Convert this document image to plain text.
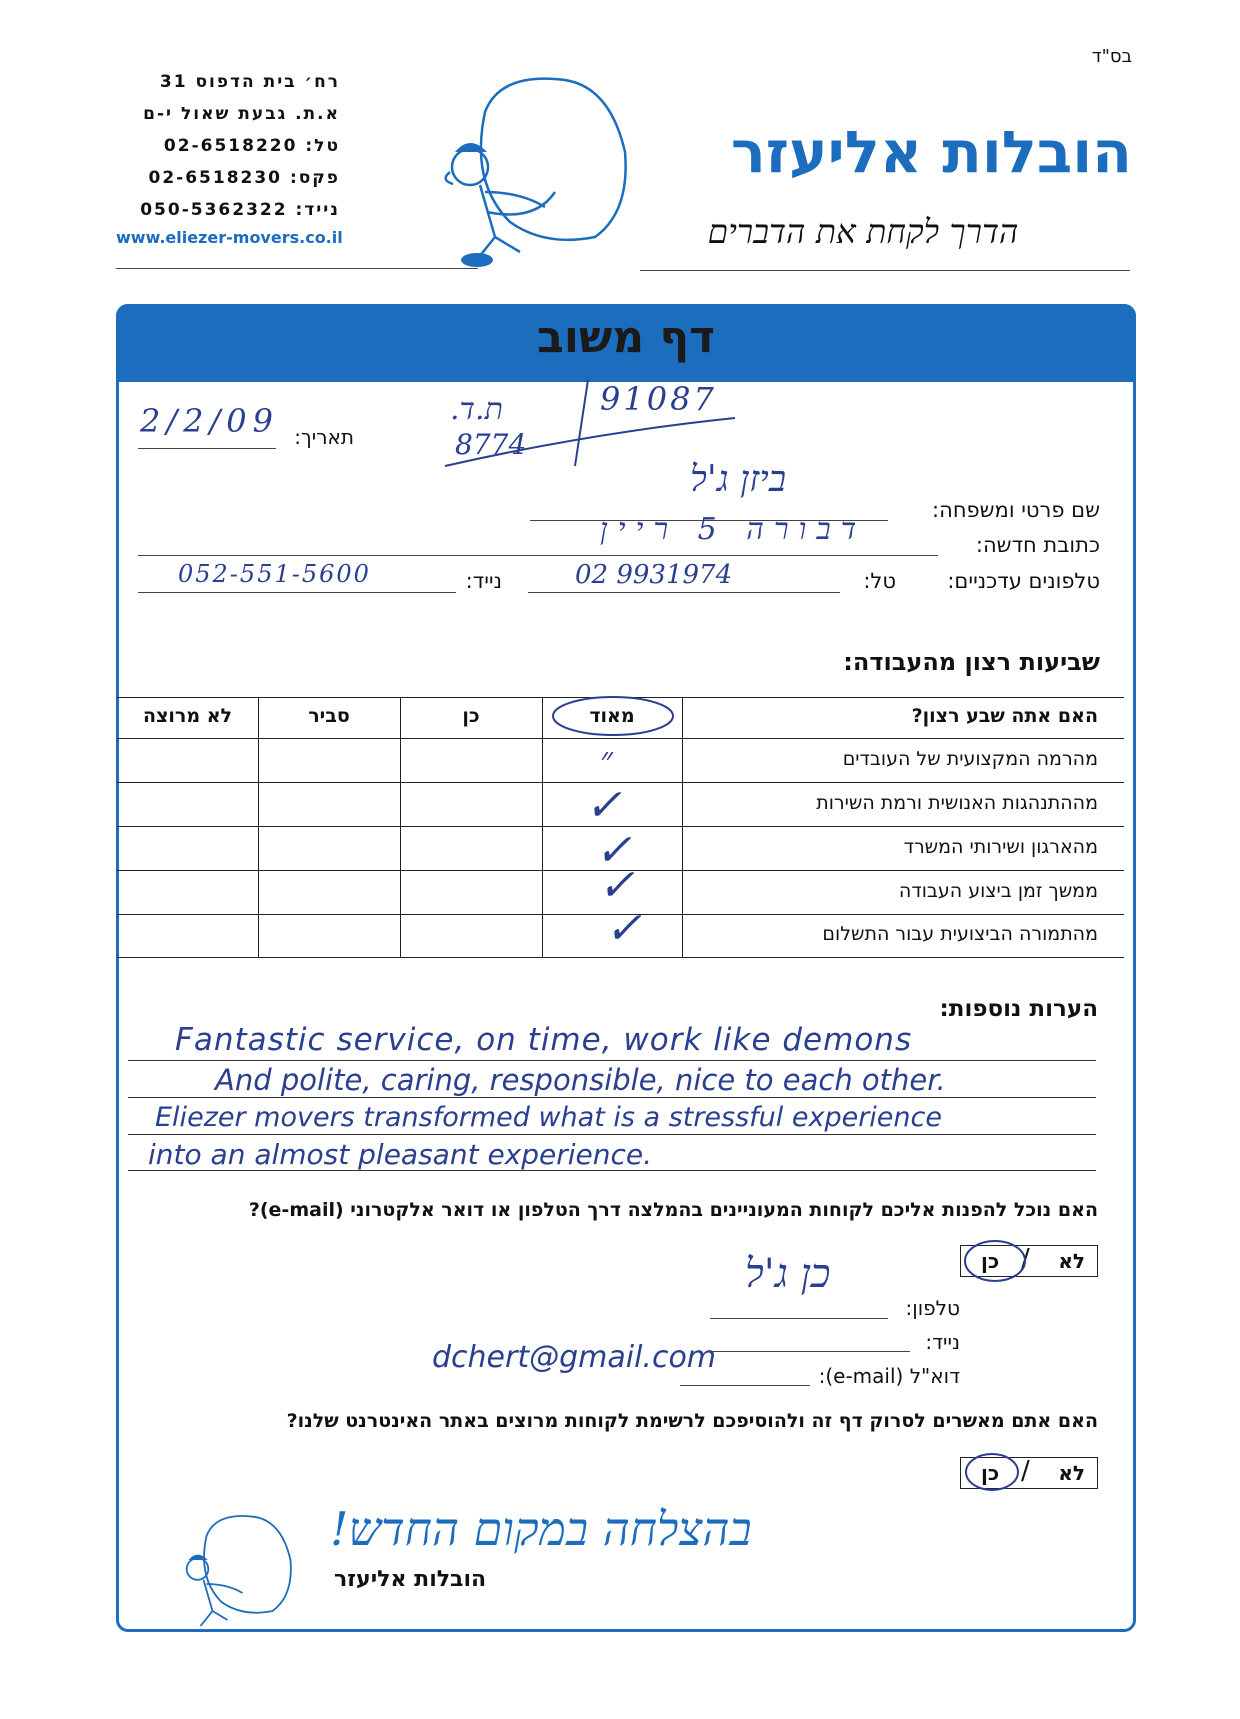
בס"ד
רח׳ בית הדפוס 31
א.ת. גבעת שאול י-ם
טל: 02-6518220
פקס: 02-6518230
נייד: 050-5362322
www.eliezer-movers.co.il
הובלות אליעזר
הדרך לקחת את הדברים
דף משוב
תאריך:
2/2/09	.ת.ד
8774
91087
ביזן ג'ל
שם פרטי ומשפחה:
דבורה 5 ריין	כתובת חדשה:
טלפונים עדכניים:
טל:
02 9931974
נייד:
052-551-5600
שביעות רצון מהעבודה:
האם אתה שבע רצון?
מאוד
כן
סביר
לא מרוצה
מהרמה המקצועית של העובדים
מההתנהגות האנושית ורמת השירות
מהארגון ושירותי המשרד
ממשך זמן ביצוע העבודה
מהתמורה הביצועית עבור התשלום
״
✓
✓
✓
✓
הערות נוספות:
Fantastic service, on time, work like demons
And polite, caring, responsible, nice to each other.
Eliezer movers transformed what is a stressful experience
into an almost pleasant experience.
האם נוכל להפנות אליכם לקוחות המעוניינים בהמלצה דרך הטלפון או דואר אלקטרוני (e-mail)?
לא
כן /
טלפון:
כן ג'ל
נייד:
דוא"ל (e-mail):
dchert@gmail.com
האם אתם מאשרים לסרוק דף זה ולהוסיפכם לרשימת לקוחות מרוצים באתר האינטרנט שלנו?
לא
כן /
בהצלחה במקום החדש!
הובלות אליעזר
